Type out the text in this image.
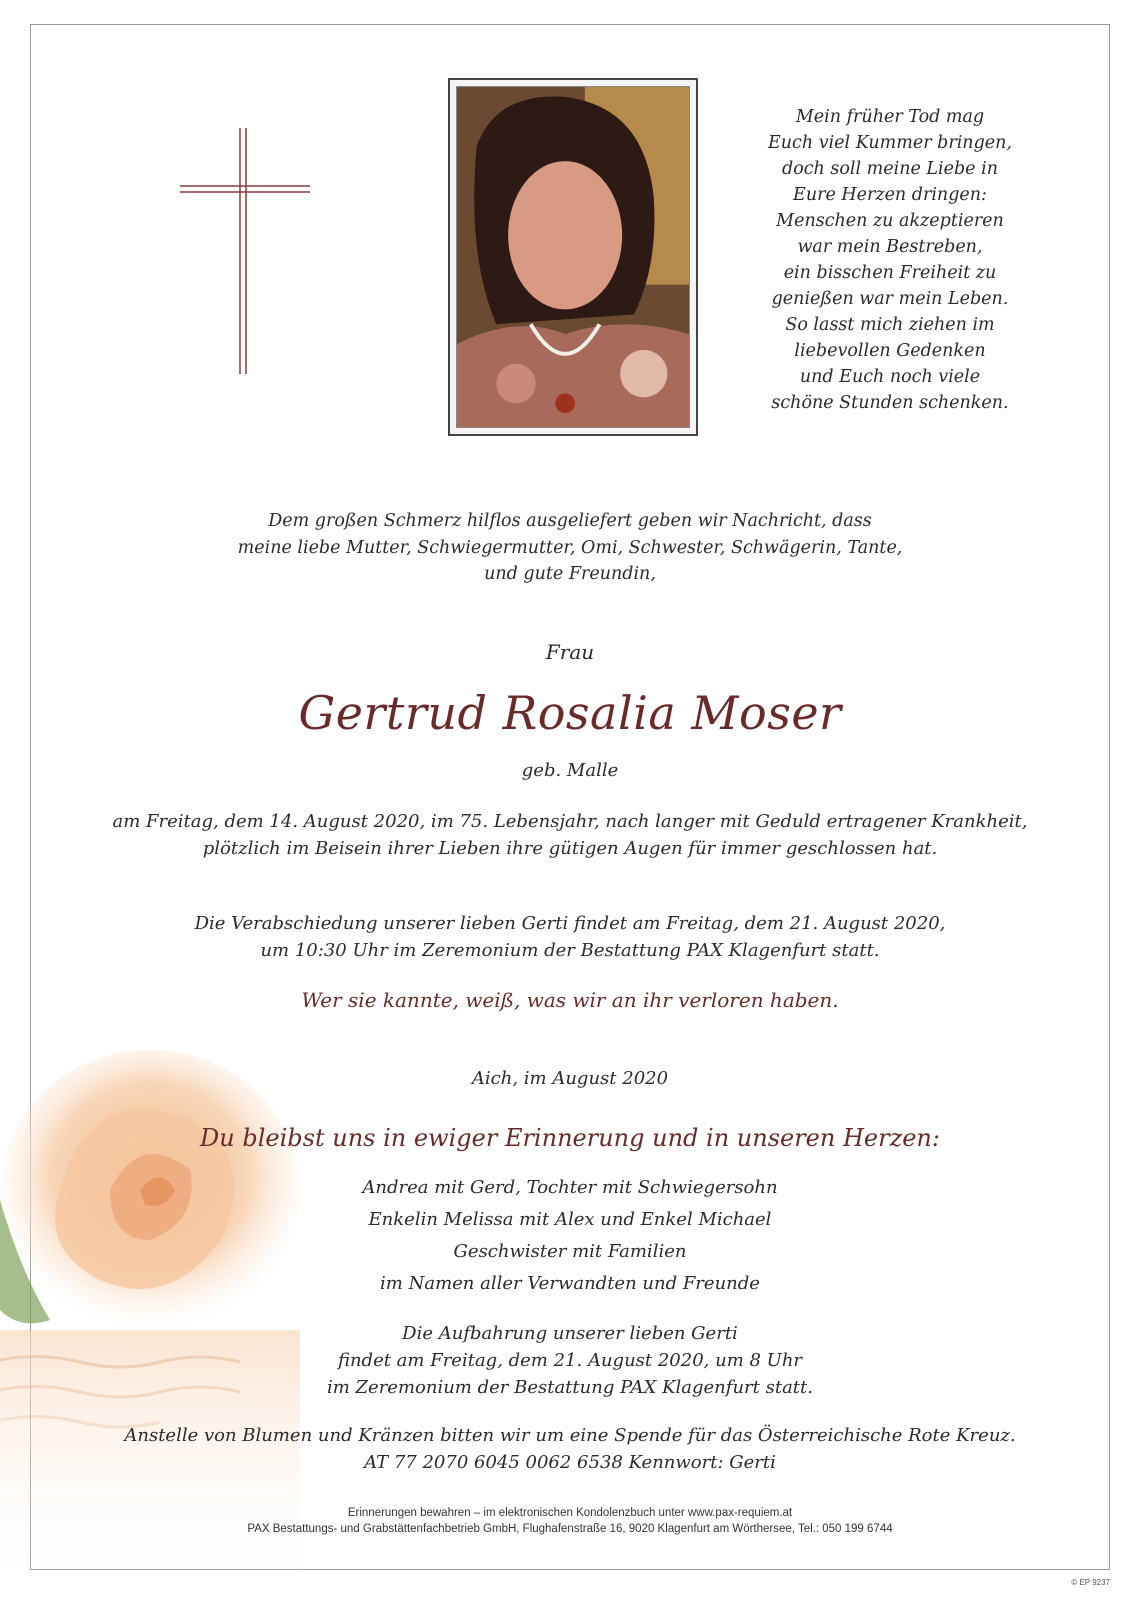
Mein früher Tod mag
Euch viel Kummer bringen,
doch soll meine Liebe in
Eure Herzen dringen:
Menschen zu akzeptieren
war mein Bestreben,
ein bisschen Freiheit zu
genießen war mein Leben.
So lasst mich ziehen im
liebevollen Gedenken
und Euch noch viele
schöne Stunden schenken.
Dem großen Schmerz hilflos ausgeliefert geben wir Nachricht, dass
meine liebe Mutter, Schwiegermutter, Omi, Schwester, Schwägerin, Tante,
und gute Freundin,
Frau
Gertrud Rosalia Moser
geb. Malle
am Freitag, dem 14. August 2020, im 75. Lebensjahr, nach langer mit Geduld ertragener Krankheit,
plötzlich im Beisein ihrer Lieben ihre gütigen Augen für immer geschlossen hat.
Die Verabschiedung unserer lieben Gerti findet am Freitag, dem 21. August 2020,
um 10:30 Uhr im Zeremonium der Bestattung PAX Klagenfurt statt.
Wer sie kannte, weiß, was wir an ihr verloren haben.
Aich, im August 2020
Du bleibst uns in ewiger Erinnerung und in unseren Herzen:
Andrea mit Gerd, Tochter mit Schwiegersohn
Enkelin Melissa mit Alex und Enkel Michael
Geschwister mit Familien
im Namen aller Verwandten und Freunde
Die Aufbahrung unserer lieben Gerti
findet am Freitag, dem 21. August 2020, um 8 Uhr
im Zeremonium der Bestattung PAX Klagenfurt statt.
Anstelle von Blumen und Kränzen bitten wir um eine Spende für das Österreichische Rote Kreuz.
AT 77 2070 6045 0062 6538 Kennwort: Gerti
Erinnerungen bewahren – im elektronischen Kondolenzbuch unter www.pax-requiem.at
PAX Bestattungs- und Grabstättenfachbetrieb GmbH, Flughafenstraße 16, 9020 Klagenfurt am Wörthersee, Tel.: 050 199 6744
© EP 9237
